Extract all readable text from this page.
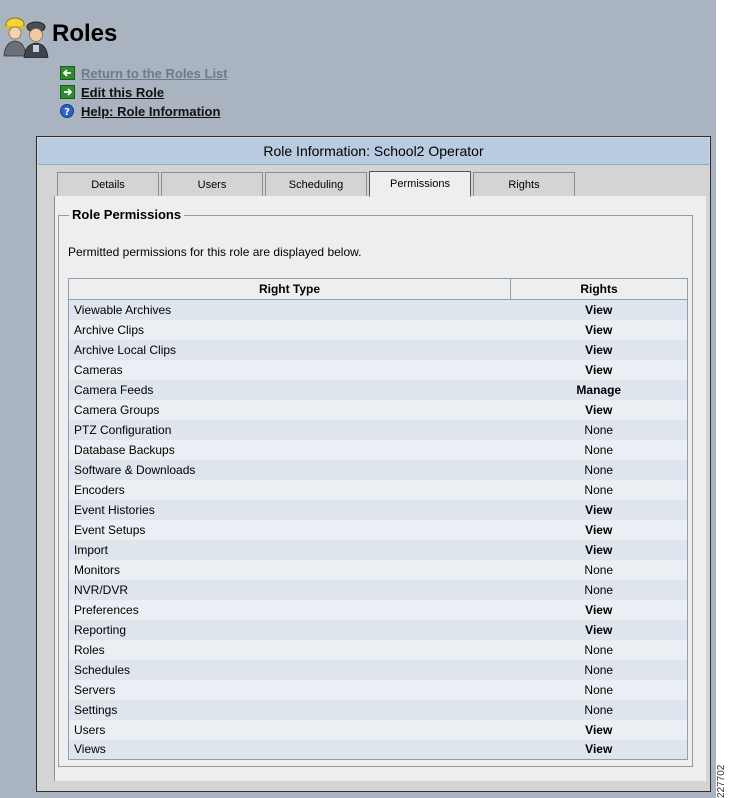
Roles
Return to the Roles List
Edit this Role
? Help: Role Information
Role Information: School2 Operator
Details	Users	Scheduling	Permissions	Rights
Role Permissions
Permitted permissions for this role are displayed below.
Right Type	Rights
Viewable Archives	View
Archive Clips	View
Archive Local Clips	View
Cameras	View
Camera Feeds	Manage
Camera Groups	View
PTZ Configuration	None
Database Backups	None
Software & Downloads	None
Encoders	None
Event Histories	View
Event Setups	View
Import	View
Monitors	None
NVR/DVR	None
Preferences	View
Reporting	View
Roles	None
Schedules	None
Servers	None
Settings	None
Users	View
Views	View
227702
